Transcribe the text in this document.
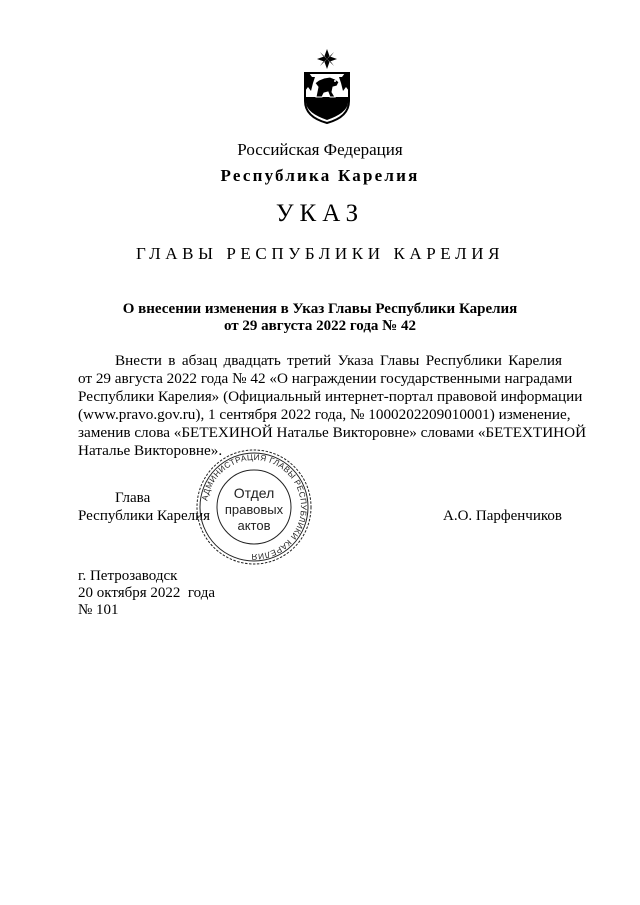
Российская Федерация
Республика Карелия
УКАЗ
ГЛАВЫ РЕСПУБЛИКИ КАРЕЛИЯ
О внесении изменения в Указ Главы Республики Карелия
от 29 августа 2022 года № 42
Внести в абзац двадцать третий Указа Главы Республики Карелия
от 29 августа 2022 года № 42 «О награждении государственными наградами
Республики Карелия» (Официальный интернет-портал правовой информации
(www.pravo.gov.ru), 1 сентября 2022 года, № 1000202209010001) изменение,
заменив слова «БЕТЕХИНОЙ Наталье Викторовне» словами «БЕТЕХТИНОЙ
Наталье Викторовне».
Глава
Республики Карелия	А.О. Парфенчиков
АДМИНИСТРАЦИЯ ГЛАВЫ РЕСПУБЛИКИ КАРЕЛИЯ
Отдел
правовых
актов
г. Петрозаводск
20 октября 2022  года
№ 101
